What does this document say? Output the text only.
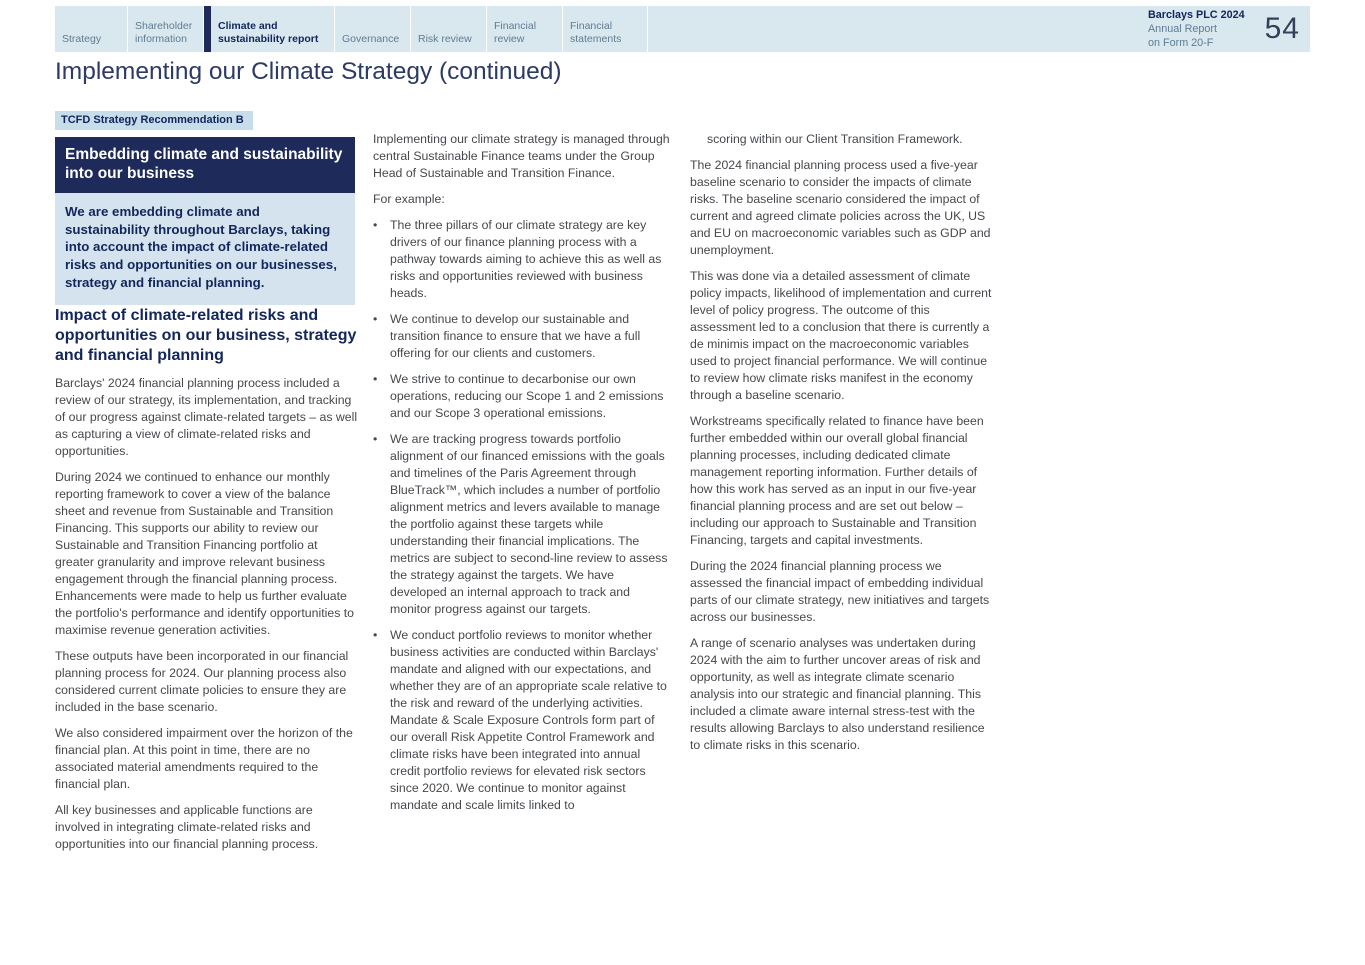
Strategy
Shareholder information
Climate and sustainability report	Governance	Risk review
Financial review
Financial statements
Barclays PLC 2024
Annual Report
on Form 20-F	54
Implementing our Climate Strategy (continued)
TCFD Strategy Recommendation B
Embedding climate and sustainability into our business
We are embedding climate and sustainability throughout Barclays, taking into account the impact of climate-related risks and opportunities on our businesses, strategy and financial planning.
Impact of climate-related risks and opportunities on our business, strategy and financial planning

Barclays' 2024 financial planning process included a review of our strategy, its implementation, and tracking of our progress against climate-related targets – as well as capturing a view of climate-related risks and opportunities.

During 2024 we continued to enhance our monthly reporting framework to cover a view of the balance sheet and revenue from Sustainable and Transition Financing. This supports our ability to review our Sustainable and Transition Financing portfolio at greater granularity and improve relevant business engagement through the financial planning process. Enhancements were made to help us further evaluate the portfolio's performance and identify opportunities to maximise revenue generation activities.

These outputs have been incorporated in our financial planning process for 2024. Our planning process also considered current climate policies to ensure they are included in the base scenario.

We also considered impairment over the horizon of the financial plan. At this point in time, there are no associated material amendments required to the financial plan.

All key businesses and applicable functions are involved in integrating climate-related risks and opportunities into our financial planning process.

Implementing our climate strategy is managed through central Sustainable Finance teams under the Group Head of Sustainable and Transition Finance.

For example:

•	The three pillars of our climate strategy are key drivers of our finance planning process with a pathway towards aiming to achieve this as well as risks and opportunities reviewed with business heads.
•	We continue to develop our sustainable and transition finance to ensure that we have a full offering for our clients and customers.
•	We strive to continue to decarbonise our own operations, reducing our Scope 1 and 2 emissions and our Scope 3 operational emissions.
•	We are tracking progress towards portfolio alignment of our financed emissions with the goals and timelines of the Paris Agreement through BlueTrack™, which includes a number of portfolio alignment metrics and levers available to manage the portfolio against these targets while understanding their financial implications. The metrics are subject to second-line review to assess the strategy against the targets. We have developed an internal approach to track and monitor progress against our targets.
•	We conduct portfolio reviews to monitor whether business activities are conducted within Barclays' mandate and aligned with our expectations, and whether they are of an appropriate scale relative to the risk and reward of the underlying activities. Mandate & Scale Exposure Controls form part of our overall Risk Appetite Control Framework and climate risks have been integrated into annual credit portfolio reviews for elevated risk sectors since 2020. We continue to monitor against mandate and scale limits linked to

scoring within our Client Transition Framework.

The 2024 financial planning process used a five-year baseline scenario to consider the impacts of climate risks. The baseline scenario considered the impact of current and agreed climate policies across the UK, US and EU on macroeconomic variables such as GDP and unemployment.

This was done via a detailed assessment of climate policy impacts, likelihood of implementation and current level of policy progress. The outcome of this assessment led to a conclusion that there is currently a de minimis impact on the macroeconomic variables used to project financial performance. We will continue to review how climate risks manifest in the economy through a baseline scenario.

Workstreams specifically related to finance have been further embedded within our overall global financial planning processes, including dedicated climate management reporting information. Further details of how this work has served as an input in our five-year financial planning process and are set out below – including our approach to Sustainable and Transition Financing, targets and capital investments.

During the 2024 financial planning process we assessed the financial impact of embedding individual parts of our climate strategy, new initiatives and targets across our businesses.

A range of scenario analyses was undertaken during 2024 with the aim to further uncover areas of risk and opportunity, as well as integrate climate scenario analysis into our strategic and financial planning. This included a climate aware internal stress-test with the results allowing Barclays to also understand resilience to climate risks in this scenario.
